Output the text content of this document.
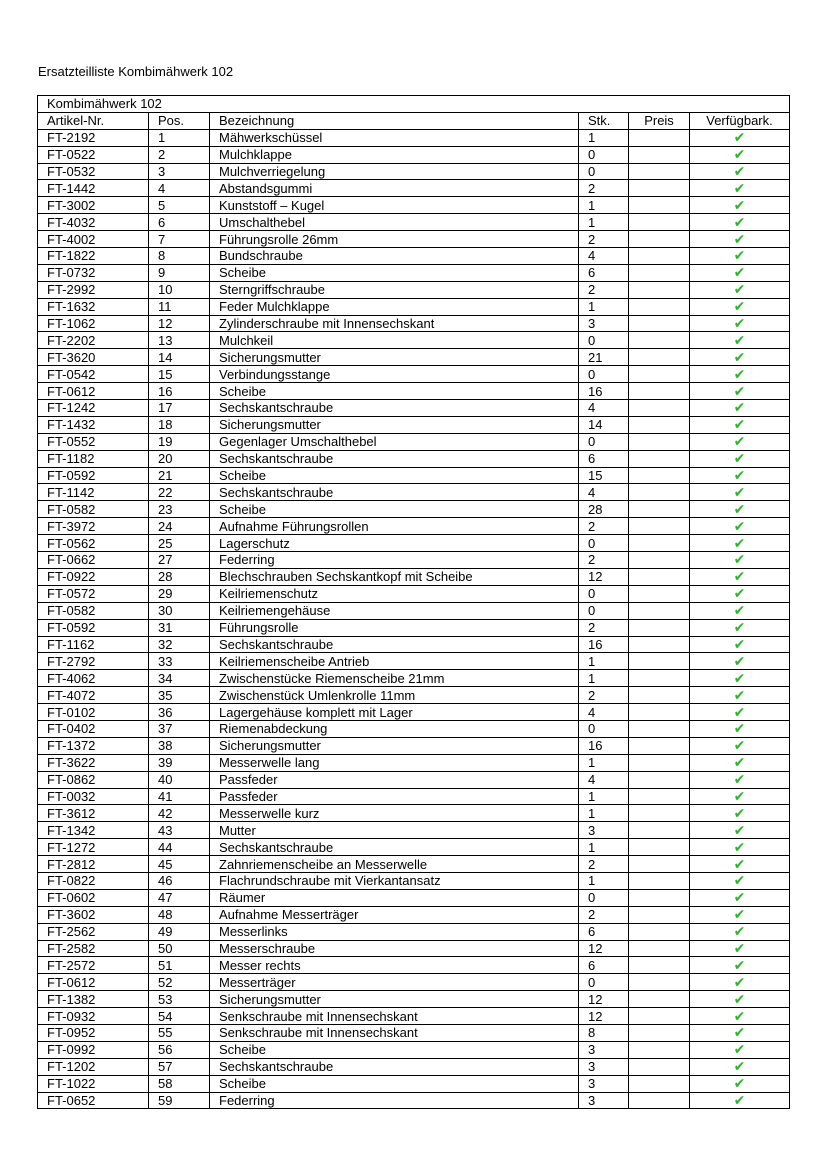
Ersatzteilliste Kombimähwerk 102
Kombimähwerk 102					
Artikel-Nr.	Pos.	Bezeichnung	Stk.	Preis	Verfügbark.
FT-2192	1	Mähwerkschüssel	1		✔
FT-0522	2	Mulchklappe	0		✔
FT-0532	3	Mulchverriegelung	0		✔
FT-1442	4	Abstandsgummi	2		✔
FT-3002	5	Kunststoff – Kugel	1		✔
FT-4032	6	Umschalthebel	1		✔
FT-4002	7	Führungsrolle 26mm	2		✔
FT-1822	8	Bundschraube	4		✔
FT-0732	9	Scheibe	6		✔
FT-2992	10	Sterngriffschraube	2		✔
FT-1632	11	Feder Mulchklappe	1		✔
FT-1062	12	Zylinderschraube mit Innensechskant	3		✔
FT-2202	13	Mulchkeil	0		✔
FT-3620	14	Sicherungsmutter	21		✔
FT-0542	15	Verbindungsstange	0		✔
FT-0612	16	Scheibe	16		✔
FT-1242	17	Sechskantschraube	4		✔
FT-1432	18	Sicherungsmutter	14		✔
FT-0552	19	Gegenlager Umschalthebel	0		✔
FT-1182	20	Sechskantschraube	6		✔
FT-0592	21	Scheibe	15		✔
FT-1142	22	Sechskantschraube	4		✔
FT-0582	23	Scheibe	28		✔
FT-3972	24	Aufnahme Führungsrollen	2		✔
FT-0562	25	Lagerschutz	0		✔
FT-0662	27	Federring	2		✔
FT-0922	28	Blechschrauben Sechskantkopf mit Scheibe	12		✔
FT-0572	29	Keilriemenschutz	0		✔
FT-0582	30	Keilriemengehäuse	0		✔
FT-0592	31	Führungsrolle	2		✔
FT-1162	32	Sechskantschraube	16		✔
FT-2792	33	Keilriemenscheibe Antrieb	1		✔
FT-4062	34	Zwischenstücke Riemenscheibe 21mm	1		✔
FT-4072	35	Zwischenstück Umlenkrolle 11mm	2		✔
FT-0102	36	Lagergehäuse komplett mit Lager	4		✔
FT-0402	37	Riemenabdeckung	0		✔
FT-1372	38	Sicherungsmutter	16		✔
FT-3622	39	Messerwelle lang	1		✔
FT-0862	40	Passfeder	4		✔
FT-0032	41	Passfeder	1		✔
FT-3612	42	Messerwelle kurz	1		✔
FT-1342	43	Mutter	3		✔
FT-1272	44	Sechskantschraube	1		✔
FT-2812	45	Zahnriemenscheibe an Messerwelle	2		✔
FT-0822	46	Flachrundschraube mit Vierkantansatz	1		✔
FT-0602	47	Räumer	0		✔
FT-3602	48	Aufnahme Messerträger	2		✔
FT-2562	49	Messerlinks	6		✔
FT-2582	50	Messerschraube	12		✔
FT-2572	51	Messer rechts	6		✔
FT-0612	52	Messerträger	0		✔
FT-1382	53	Sicherungsmutter	12		✔
FT-0932	54	Senkschraube mit Innensechskant	12		✔
FT-0952	55	Senkschraube mit Innensechskant	8		✔
FT-0992	56	Scheibe	3		✔
FT-1202	57	Sechskantschraube	3		✔
FT-1022	58	Scheibe	3		✔
FT-0652	59	Federring	3		✔
